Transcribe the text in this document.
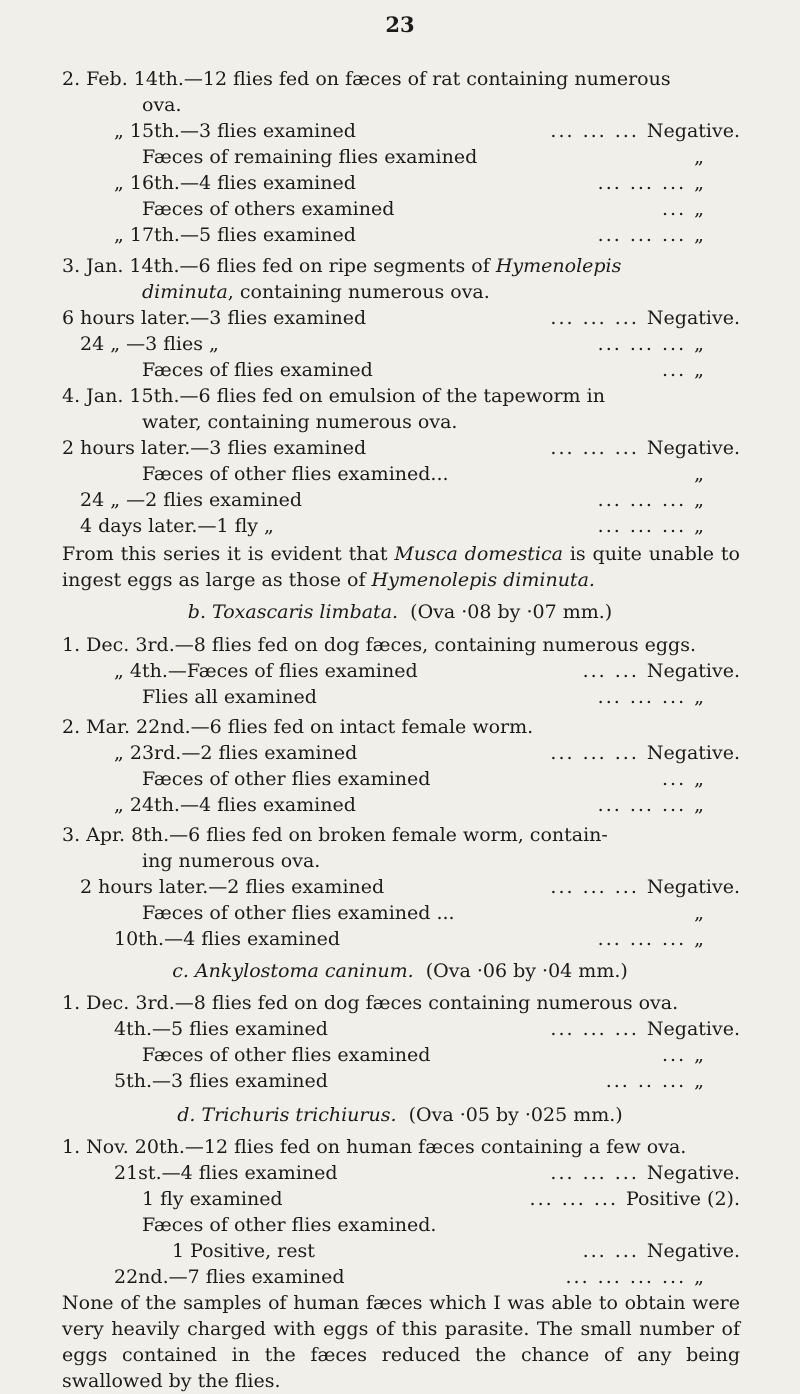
23
2. Feb. 14th.—12 flies fed on fæces of rat containing numerous
ova.
„ 15th.—3 flies examined	... ... ... Negative.
Fæces of remaining flies examined	„
„ 16th.—4 flies examined	... ... ... „
Fæces of others examined	... „
„ 17th.—5 flies examined	... ... ... „
3. Jan. 14th.—6 flies fed on ripe segments of Hymenolepis
diminuta, containing numerous ova.
6 hours later.—3 flies examined	... ... ... Negative.
24 „ —3 flies „	... ... ... „
Fæces of flies examined	... „
4. Jan. 15th.—6 flies fed on emulsion of the tapeworm in
water, containing numerous ova.
2 hours later.—3 flies examined	... ... ... Negative.
Fæces of other flies examined...	„
24 „ —2 flies examined	... ... ... „
4 days later.—1 fly „	... ... ... „
From this series it is evident that Musca domestica is quite unable to ingest eggs as large as those of Hymenolepis diminuta.
b. Toxascaris limbata. (Ova ·08 by ·07 mm.)
1. Dec. 3rd.—8 flies fed on dog fæces, containing numerous eggs.
„ 4th.—Fæces of flies examined	... ... Negative.
Flies all examined	... ... ... „
2. Mar. 22nd.—6 flies fed on intact female worm.
„ 23rd.—2 flies examined	... ... ... Negative.
Fæces of other flies examined	... „
„ 24th.—4 flies examined	... ... ... „
3. Apr. 8th.—6 flies fed on broken female worm, contain-
ing numerous ova.
2 hours later.—2 flies examined	... ... ... Negative.
Fæces of other flies examined ...	„
10th.—4 flies examined	... ... ... „
c. Ankylostoma caninum. (Ova ·06 by ·04 mm.)
1. Dec. 3rd.—8 flies fed on dog fæces containing numerous ova.
4th.—5 flies examined	... ... ... Negative.
Fæces of other flies examined	... „
5th.—3 flies examined	... .. ... „
d. Trichuris trichiurus. (Ova ·05 by ·025 mm.)
1. Nov. 20th.—12 flies fed on human fæces containing a few ova.
21st.—4 flies examined	... ... ... Negative.
1 fly examined	... ... ... Positive (2).
Fæces of other flies examined.
1 Positive, rest	... ... Negative.
22nd.—7 flies examined	... ... ... ... „
None of the samples of human fæces which I was able to obtain were very heavily charged with eggs of this parasite. The small number of eggs contained in the fæces reduced the chance of any being swallowed by the flies.
